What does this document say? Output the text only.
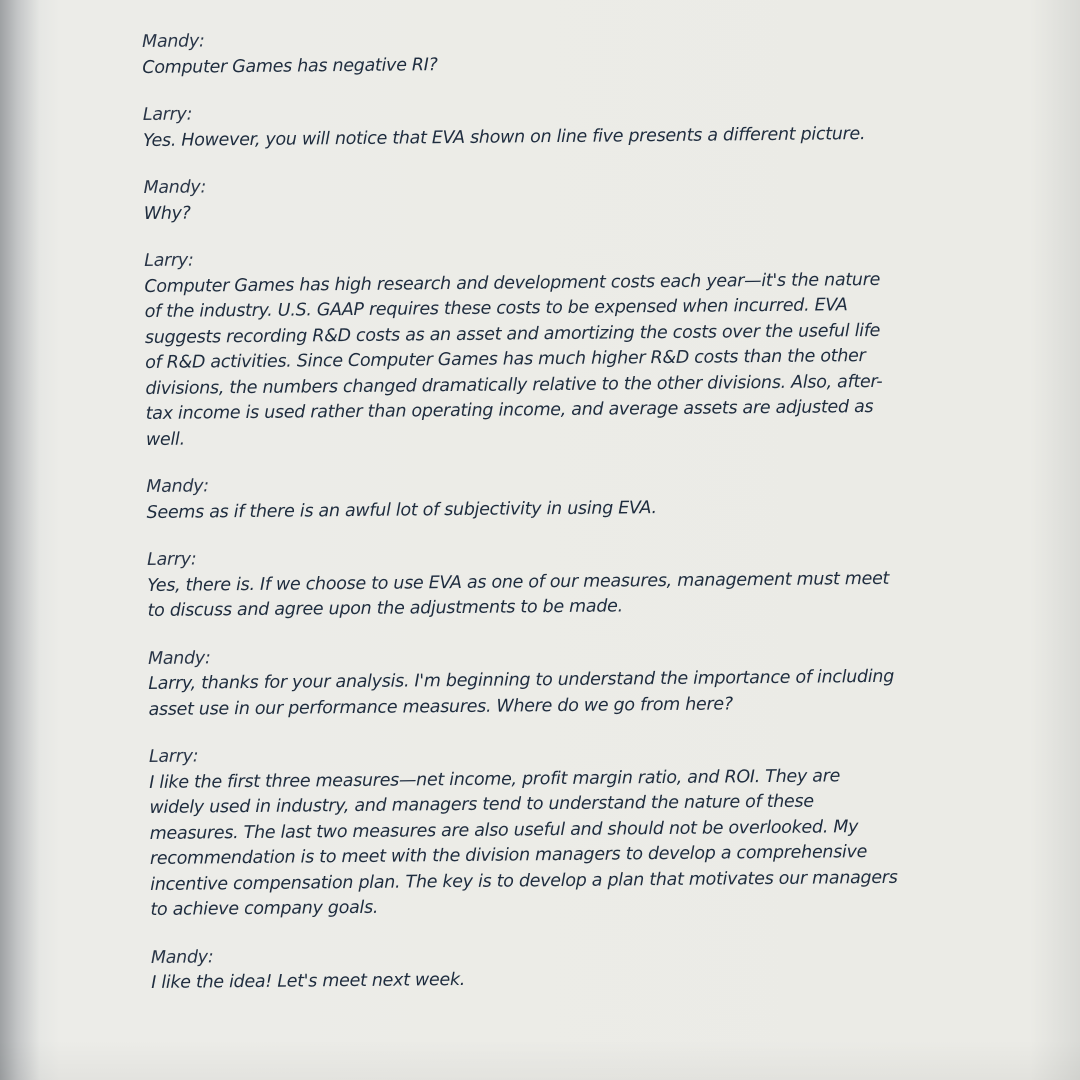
Mandy:
Computer Games has negative RI?
Larry:
Yes. However, you will notice that EVA shown on line five presents a different picture.
Mandy:
Why?
Larry:
Computer Games has high research and development costs each year—it's the nature
of the industry. U.S. GAAP requires these costs to be expensed when incurred. EVA
suggests recording R&D costs as an asset and amortizing the costs over the useful life
of R&D activities. Since Computer Games has much higher R&D costs than the other
divisions, the numbers changed dramatically relative to the other divisions. Also, after-
tax income is used rather than operating income, and average assets are adjusted as
well.
Mandy:
Seems as if there is an awful lot of subjectivity in using EVA.
Larry:
Yes, there is. If we choose to use EVA as one of our measures, management must meet
to discuss and agree upon the adjustments to be made.
Mandy:
Larry, thanks for your analysis. I'm beginning to understand the importance of including
asset use in our performance measures. Where do we go from here?
Larry:
I like the first three measures—net income, profit margin ratio, and ROI. They are
widely used in industry, and managers tend to understand the nature of these
measures. The last two measures are also useful and should not be overlooked. My
recommendation is to meet with the division managers to develop a comprehensive
incentive compensation plan. The key is to develop a plan that motivates our managers
to achieve company goals.
Mandy:
I like the idea! Let's meet next week.
